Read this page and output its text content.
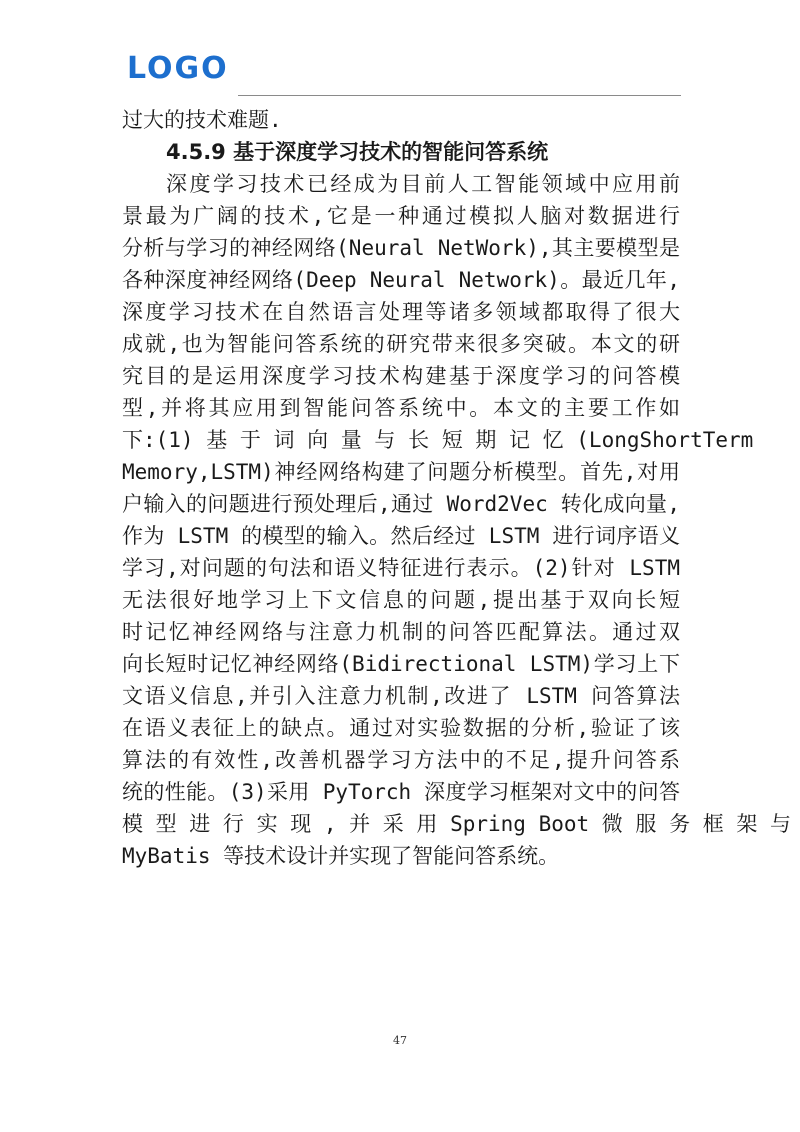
LOGO
过大的技术难题.
4.5.9 基于深度学习技术的智能问答系统
深度学习技术已经成为目前人工智能领域中应用前
景最为广阔的技术,它是一种通过模拟人脑对数据进行
分析与学习的神经网络(Neural NetWork),其主要模型是
各种深度神经网络(Deep Neural Network)。最近几年,
深度学习技术在自然语言处理等诸多领域都取得了很大
成就,也为智能问答系统的研究带来很多突破。本文的研
究目的是运用深度学习技术构建基于深度学习的问答模
型,并将其应用到智能问答系统中。本文的主要工作如
下:(1) 基 于 词 向 量 与 长 短 期 记 忆 (LongShortTerm
Memory,LSTM)神经网络构建了问题分析模型。首先,对用
户输入的问题进行预处理后,通过 Word2Vec 转化成向量,
作为 LSTM 的模型的输入。然后经过 LSTM 进行词序语义
学习,对问题的句法和语义特征进行表示。(2)针对 LSTM
无法很好地学习上下文信息的问题,提出基于双向长短
时记忆神经网络与注意力机制的问答匹配算法。通过双
向长短时记忆神经网络(Bidirectional LSTM)学习上下
文语义信息,并引入注意力机制,改进了 LSTM 问答算法
在语义表征上的缺点。通过对实验数据的分析,验证了该
算法的有效性,改善机器学习方法中的不足,提升问答系
统的性能。(3)采用 PyTorch 深度学习框架对文中的问答
模 型 进 行 实 现 , 并 采 用 Spring Boot 微 服 务 框 架 与
MyBatis 等技术设计并实现了智能问答系统。
47
